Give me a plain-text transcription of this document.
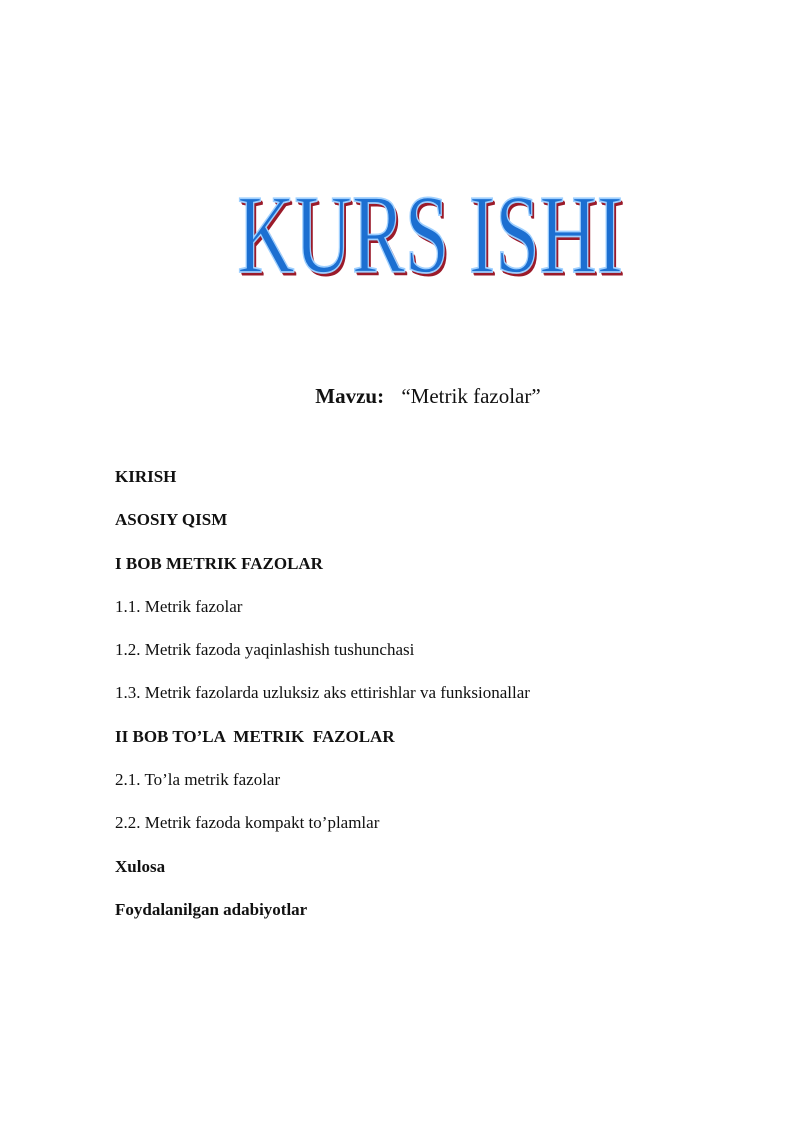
KURS ISHI
Mavzu: “Metrik fazolar”
KIRISH
ASOSIY QISM
I BOB METRIK FAZOLAR
1.1. Metrik fazolar
1.2. Metrik fazoda yaqinlashish tushunchasi
1.3. Metrik fazolarda uzluksiz aks ettirishlar va funksionallar
II BOB TO’LA  METRIK  FAZOLAR
2.1. To’la metrik fazolar
2.2. Metrik fazoda kompakt to’plamlar
Xulosa
Foydalanilgan adabiyotlar
